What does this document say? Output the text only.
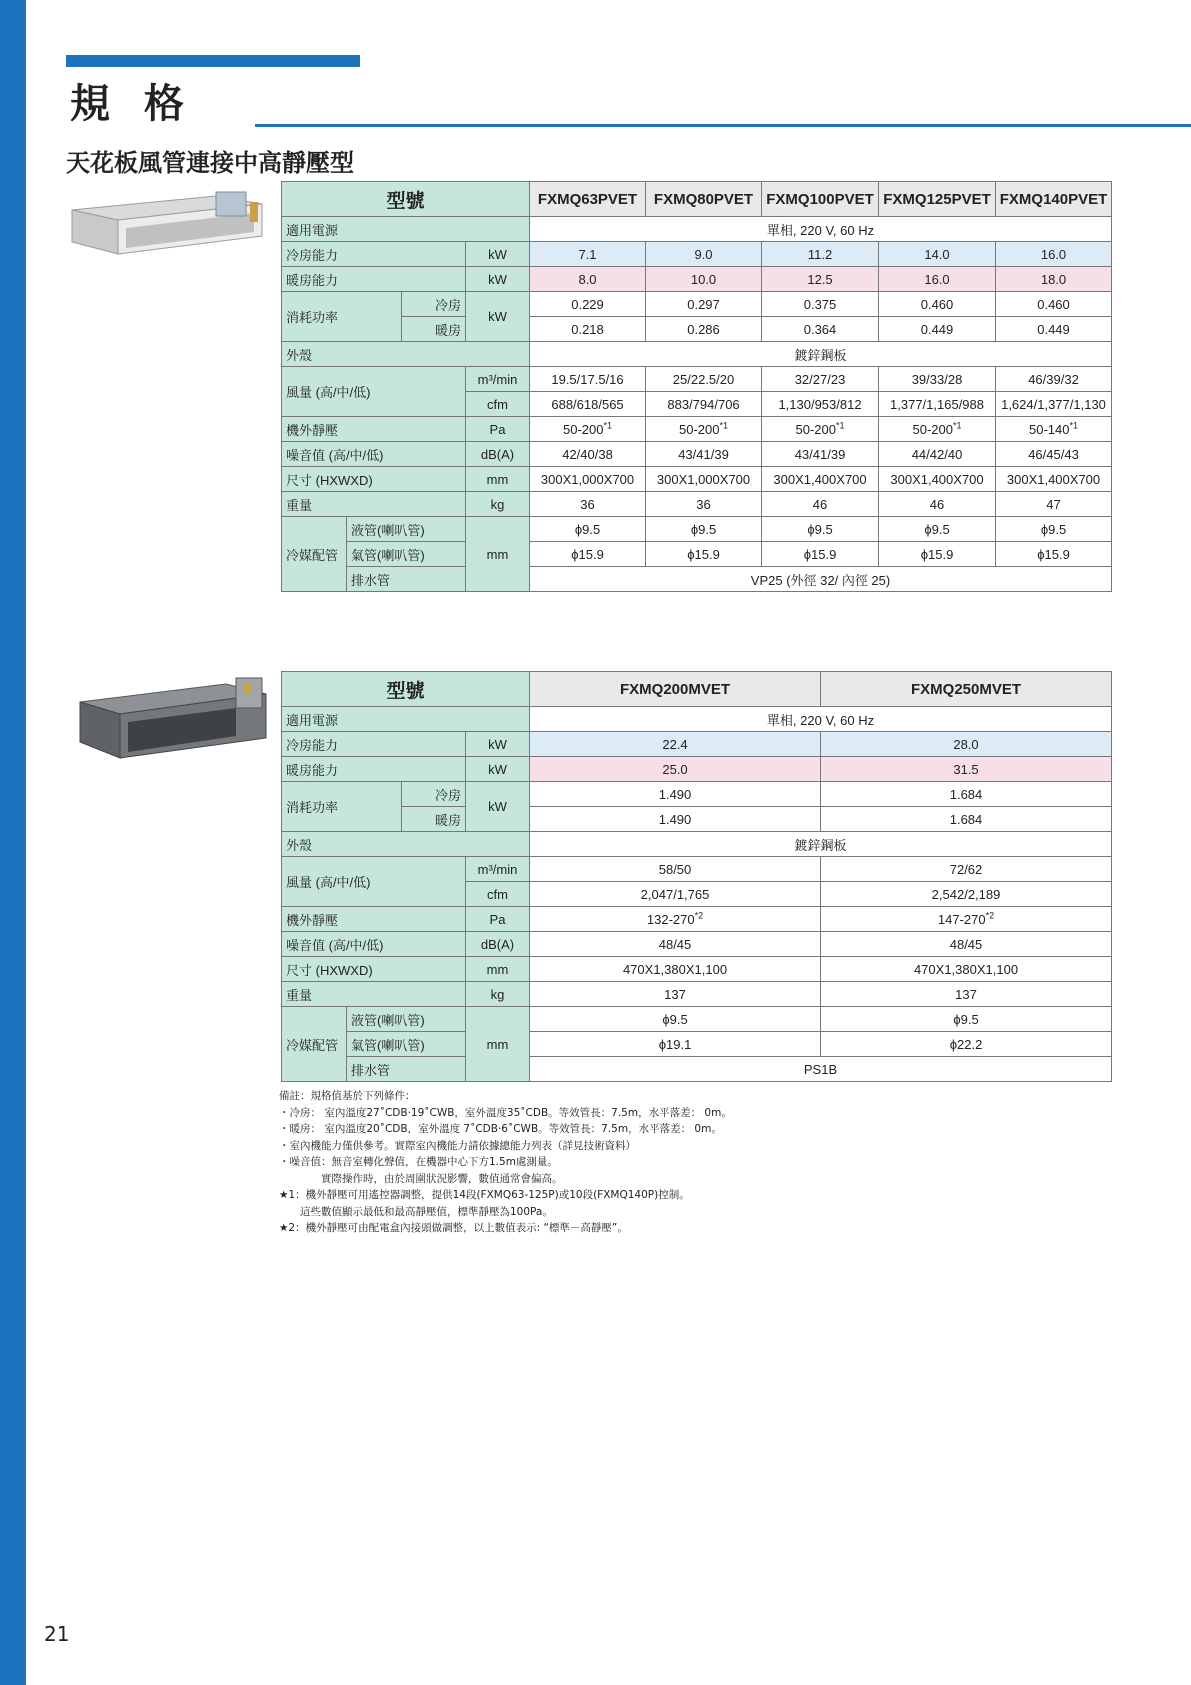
規 格
天花板風管連接中高靜壓型
型號				FXMQ63PVET	FXMQ80PVET	FXMQ100PVET	FXMQ125PVET	FXMQ140PVET
適用電源				單相, 220 V, 60 Hz				
冷房能力			kW	7.1	9.0	11.2	14.0	16.0
暖房能力			kW	8.0	10.0	12.5	16.0	18.0
消耗功率		冷房	kW	0.229	0.297	0.375	0.460	0.460
		暖房		0.218	0.286	0.364	0.449	0.449
外殼				鍍鋅鋼板				
風量 (高/中/低)			m³/min	19.5/17.5/16	25/22.5/20	32/27/23	39/33/28	46/39/32
			cfm	688/618/565	883/794/706	1,130/953/812	1,377/1,165/988	1,624/1,377/1,130
機外靜壓			Pa	50-200$^{*1}$	50-200$^{*1}$	50-200$^{*1}$	50-200$^{*1}$	50-140$^{*1}$
噪音值 (高/中/低)			dB(A)	42/40/38	43/41/39	43/41/39	44/42/40	46/45/43
尺寸 (HXWXD)			mm	300X1,000X700	300X1,000X700	300X1,400X700	300X1,400X700	300X1,400X700
重量			kg	36	36	46	46	47
冷媒配管	液管(喇叭管)		mm	ϕ9.5	ϕ9.5	ϕ9.5	ϕ9.5	ϕ9.5
	氣管(喇叭管)			ϕ15.9	ϕ15.9	ϕ15.9	ϕ15.9	ϕ15.9
	排水管			VP25 (外徑 32/ 內徑 25)				
型號				FXMQ200MVET	FXMQ250MVET
適用電源				單相, 220 V, 60 Hz	
冷房能力			kW	22.4	28.0
暖房能力			kW	25.0	31.5
消耗功率		冷房	kW	1.490	1.684
		暖房		1.490	1.684
外殼				鍍鋅鋼板	
風量 (高/中/低)			m³/min	58/50	72/62
			cfm	2,047/1,765	2,542/2,189
機外靜壓			Pa	132-270$^{*2}$	147-270$^{*2}$
噪音值 (高/中/低)			dB(A)	48/45	48/45
尺寸 (HXWXD)			mm	470X1,380X1,100	470X1,380X1,100
重量			kg	137	137
冷媒配管	液管(喇叭管)		mm	ϕ9.5	ϕ9.5
	氣管(喇叭管)			ϕ19.1	ϕ22.2
	排水管			PS1B	
備註：規格值基於下列條件：
・冷房： 室內溫度27˚CDB‧19˚CWB，室外溫度35˚CDB。等效管長：7.5m，水平落差： 0m。
・暖房： 室內溫度20˚CDB，室外溫度 7˚CDB‧6˚CWB。等效管長：7.5m，水平落差： 0m。
・室內機能力僅供參考。實際室內機能力請依據總能力列表（詳見技術資料）
・噪音值：無音室轉化聲值，在機器中心下方1.5m處測量。
　　　　實際操作時，由於周圍狀況影響，數值通常會偏高。
★1：機外靜壓可用遙控器調整，提供14段(FXMQ63-125P)或10段(FXMQ140P)控制。
　　這些數值顯示最低和最高靜壓值，標準靜壓為100Pa。
★2：機外靜壓可由配電盒內接頭做調整，以上數值表示: “標準－高靜壓”。
21
